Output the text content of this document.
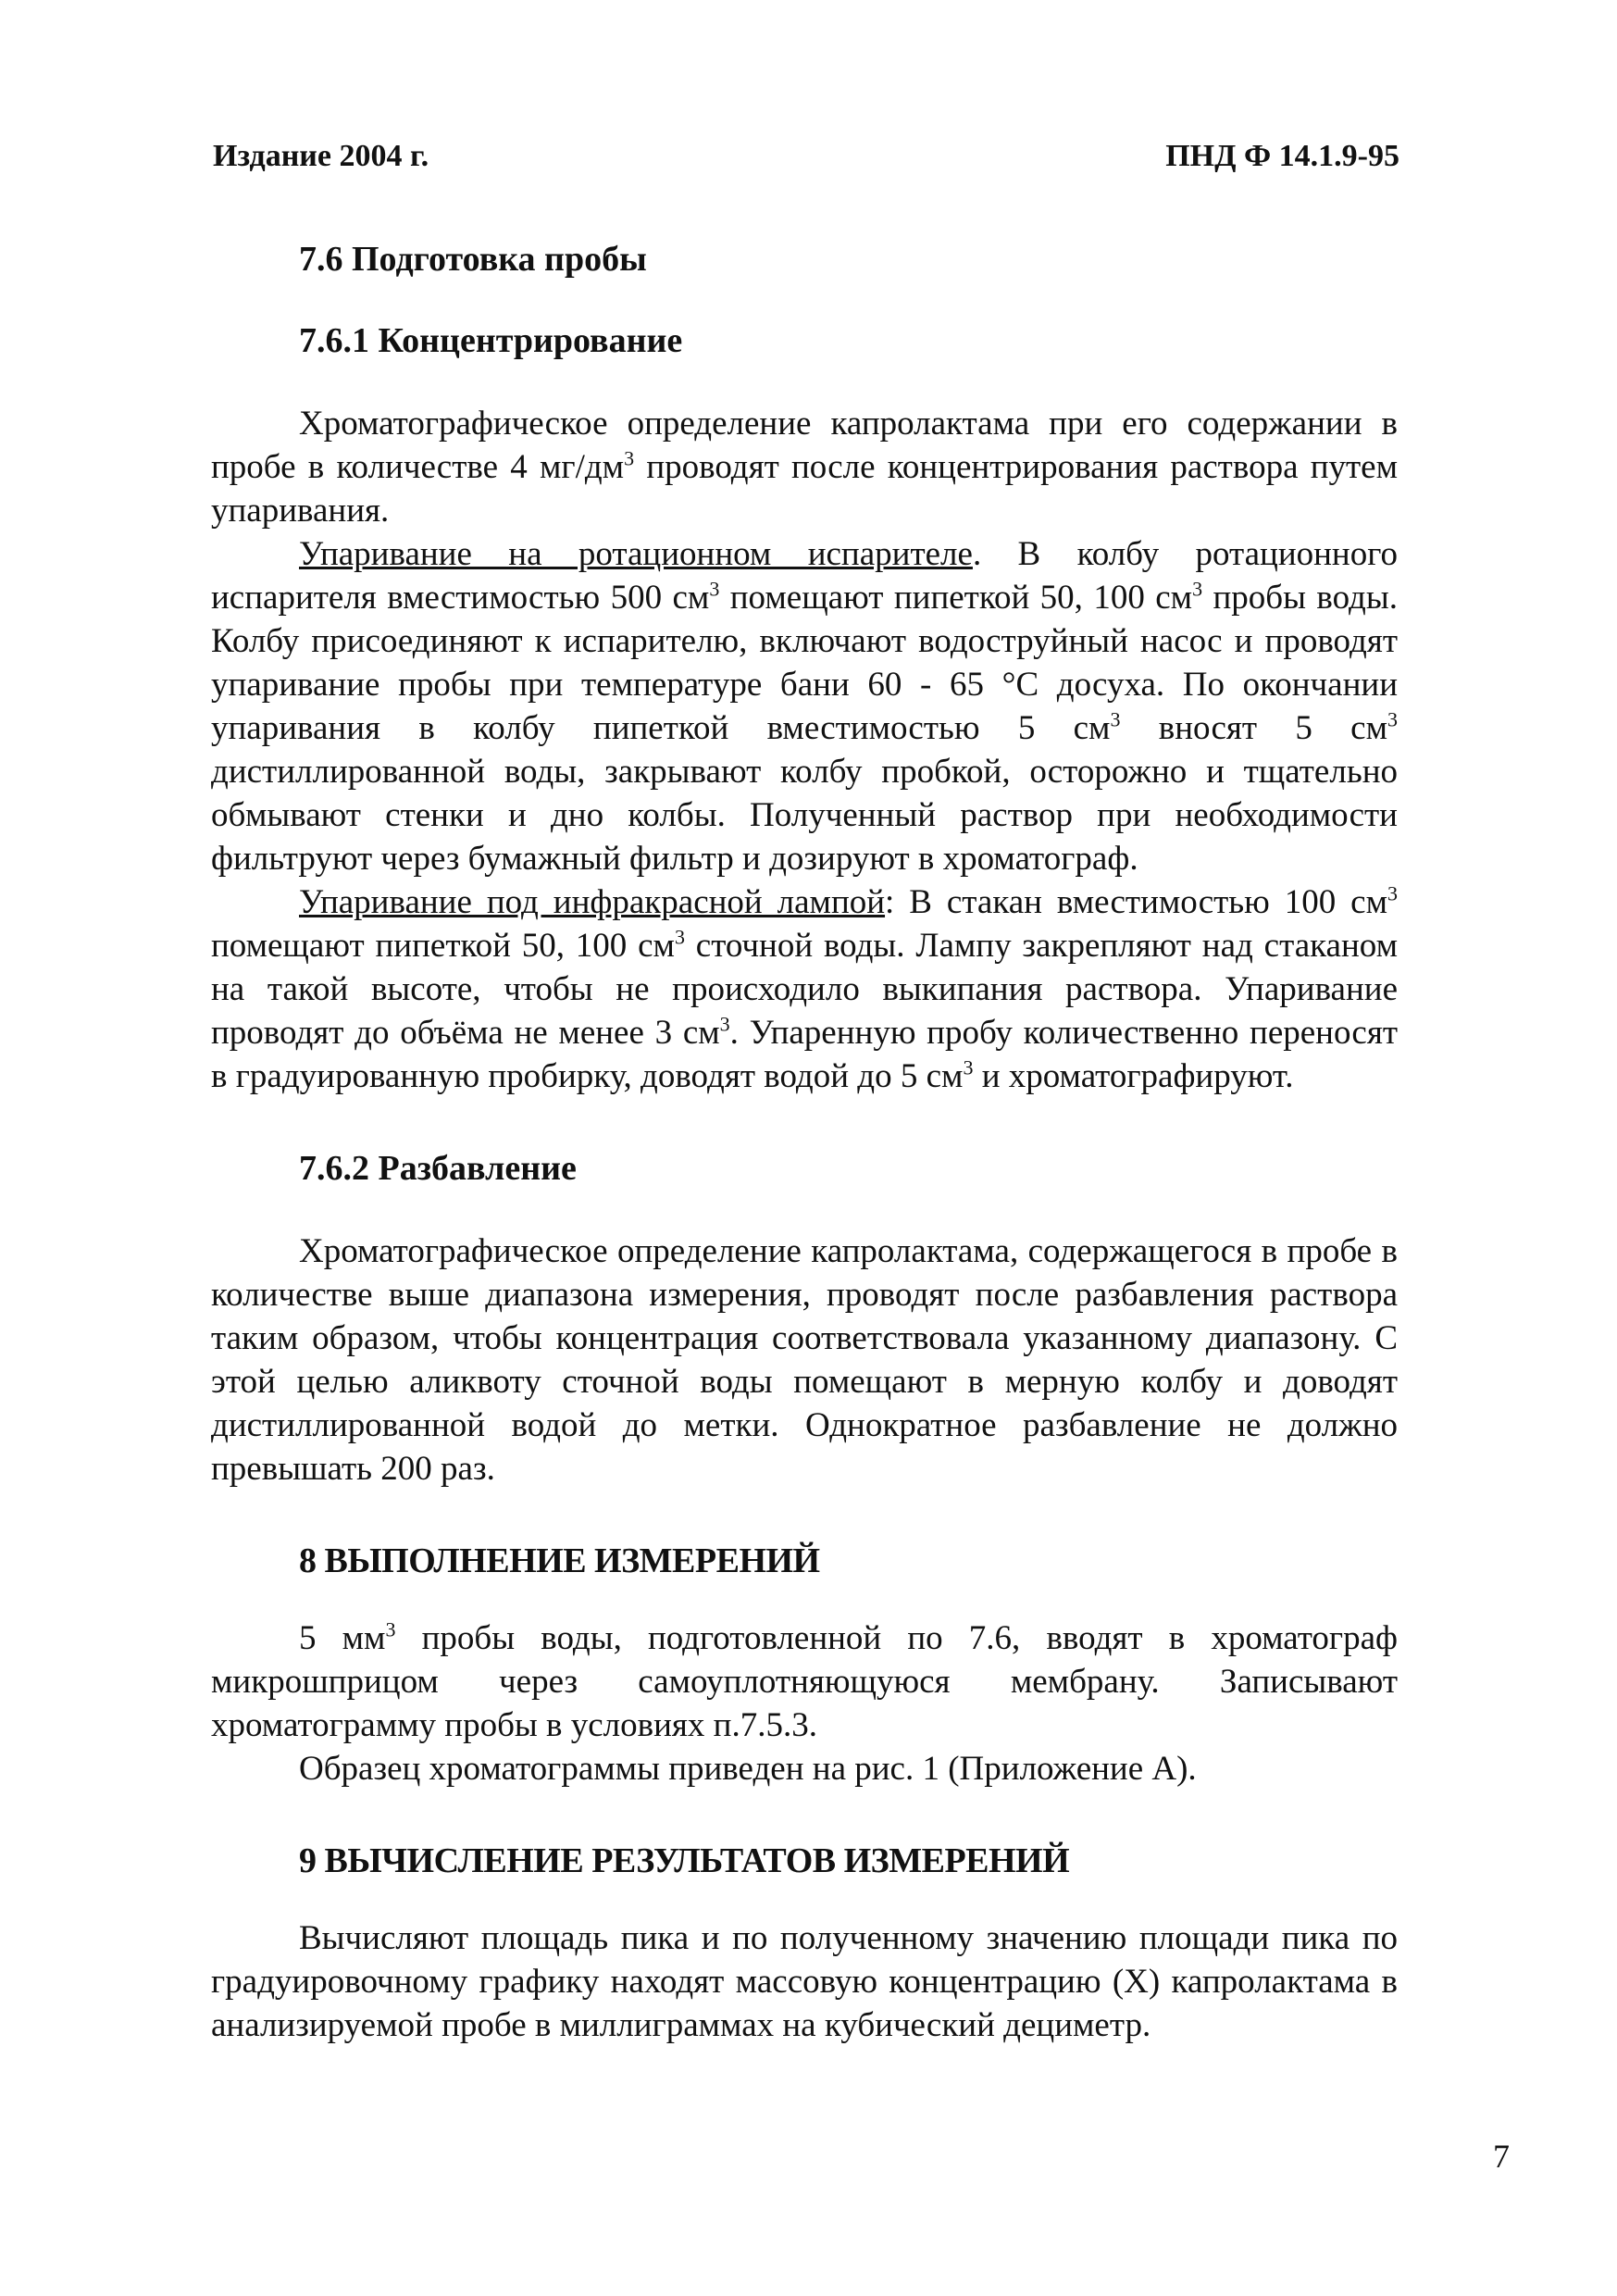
Издание 2004 г.	ПНД Ф 14.1.9-95
7.6 Подготовка пробы
7.6.1 Концентрирование

Хроматографическое определение капролактама при его содержании в пробе в количестве 4 $мг/дм^3$ проводят после концентрирования раствора путем упаривания.

Упаривание на ротационном испарителе. В колбу ротационного испарителя вместимостью 500 $см^3$ помещают пипеткой 50, 100 $см^3$ пробы воды. Колбу присоединяют к испарителю, включают водоструйный насос и проводят упаривание пробы при температуре бани 60 - 65 °С досуха. По окончании упаривания в колбу пипеткой вместимостью 5 $см^3$ вносят 5 $см^3$ дистиллированной воды, закрывают колбу пробкой, осторожно и тщательно обмывают стенки и дно колбы. Полученный раствор при необходимости фильтруют через бумажный фильтр и дозируют в хроматограф.

Упаривание под инфракрасной лампой: В стакан вместимостью 100 $см^3$ помещают пипеткой 50, 100 $см^3$ сточной воды. Лампу закрепляют над стаканом на такой высоте, чтобы не происходило выкипания раствора. Упаривание проводят до объёма не менее 3 $см^3$. Упаренную пробу количественно переносят в градуированную пробирку, доводят водой до 5 $см^3$ и хроматографируют.

7.6.2 Разбавление

Хроматографическое определение капролактама, содержащегося в пробе в количестве выше диапазона измерения, проводят после разбавления раствора таким образом, чтобы концентрация соответствовала указанному диапазону. С этой целью аликвоту сточной воды помещают в мерную колбу и доводят дистиллированной водой до метки. Однократное разбавление не должно превышать 200 раз.

8 ВЫПОЛНЕНИЕ ИЗМЕРЕНИЙ

5 $мм^3$ пробы воды, подготовленной по 7.6, вводят в хроматограф микрошприцом через самоуплотняющуюся мембрану. Записывают хроматограмму пробы в условиях п.7.5.3.

Образец хроматограммы приведен на рис. 1 (Приложение А).

9 ВЫЧИСЛЕНИЕ РЕЗУЛЬТАТОВ ИЗМЕРЕНИЙ

Вычисляют площадь пика и по полученному значению площади пика по градуировочному графику находят массовую концентрацию (Х) капролактама в анализируемой пробе в миллиграммах на кубический дециметр.

7
